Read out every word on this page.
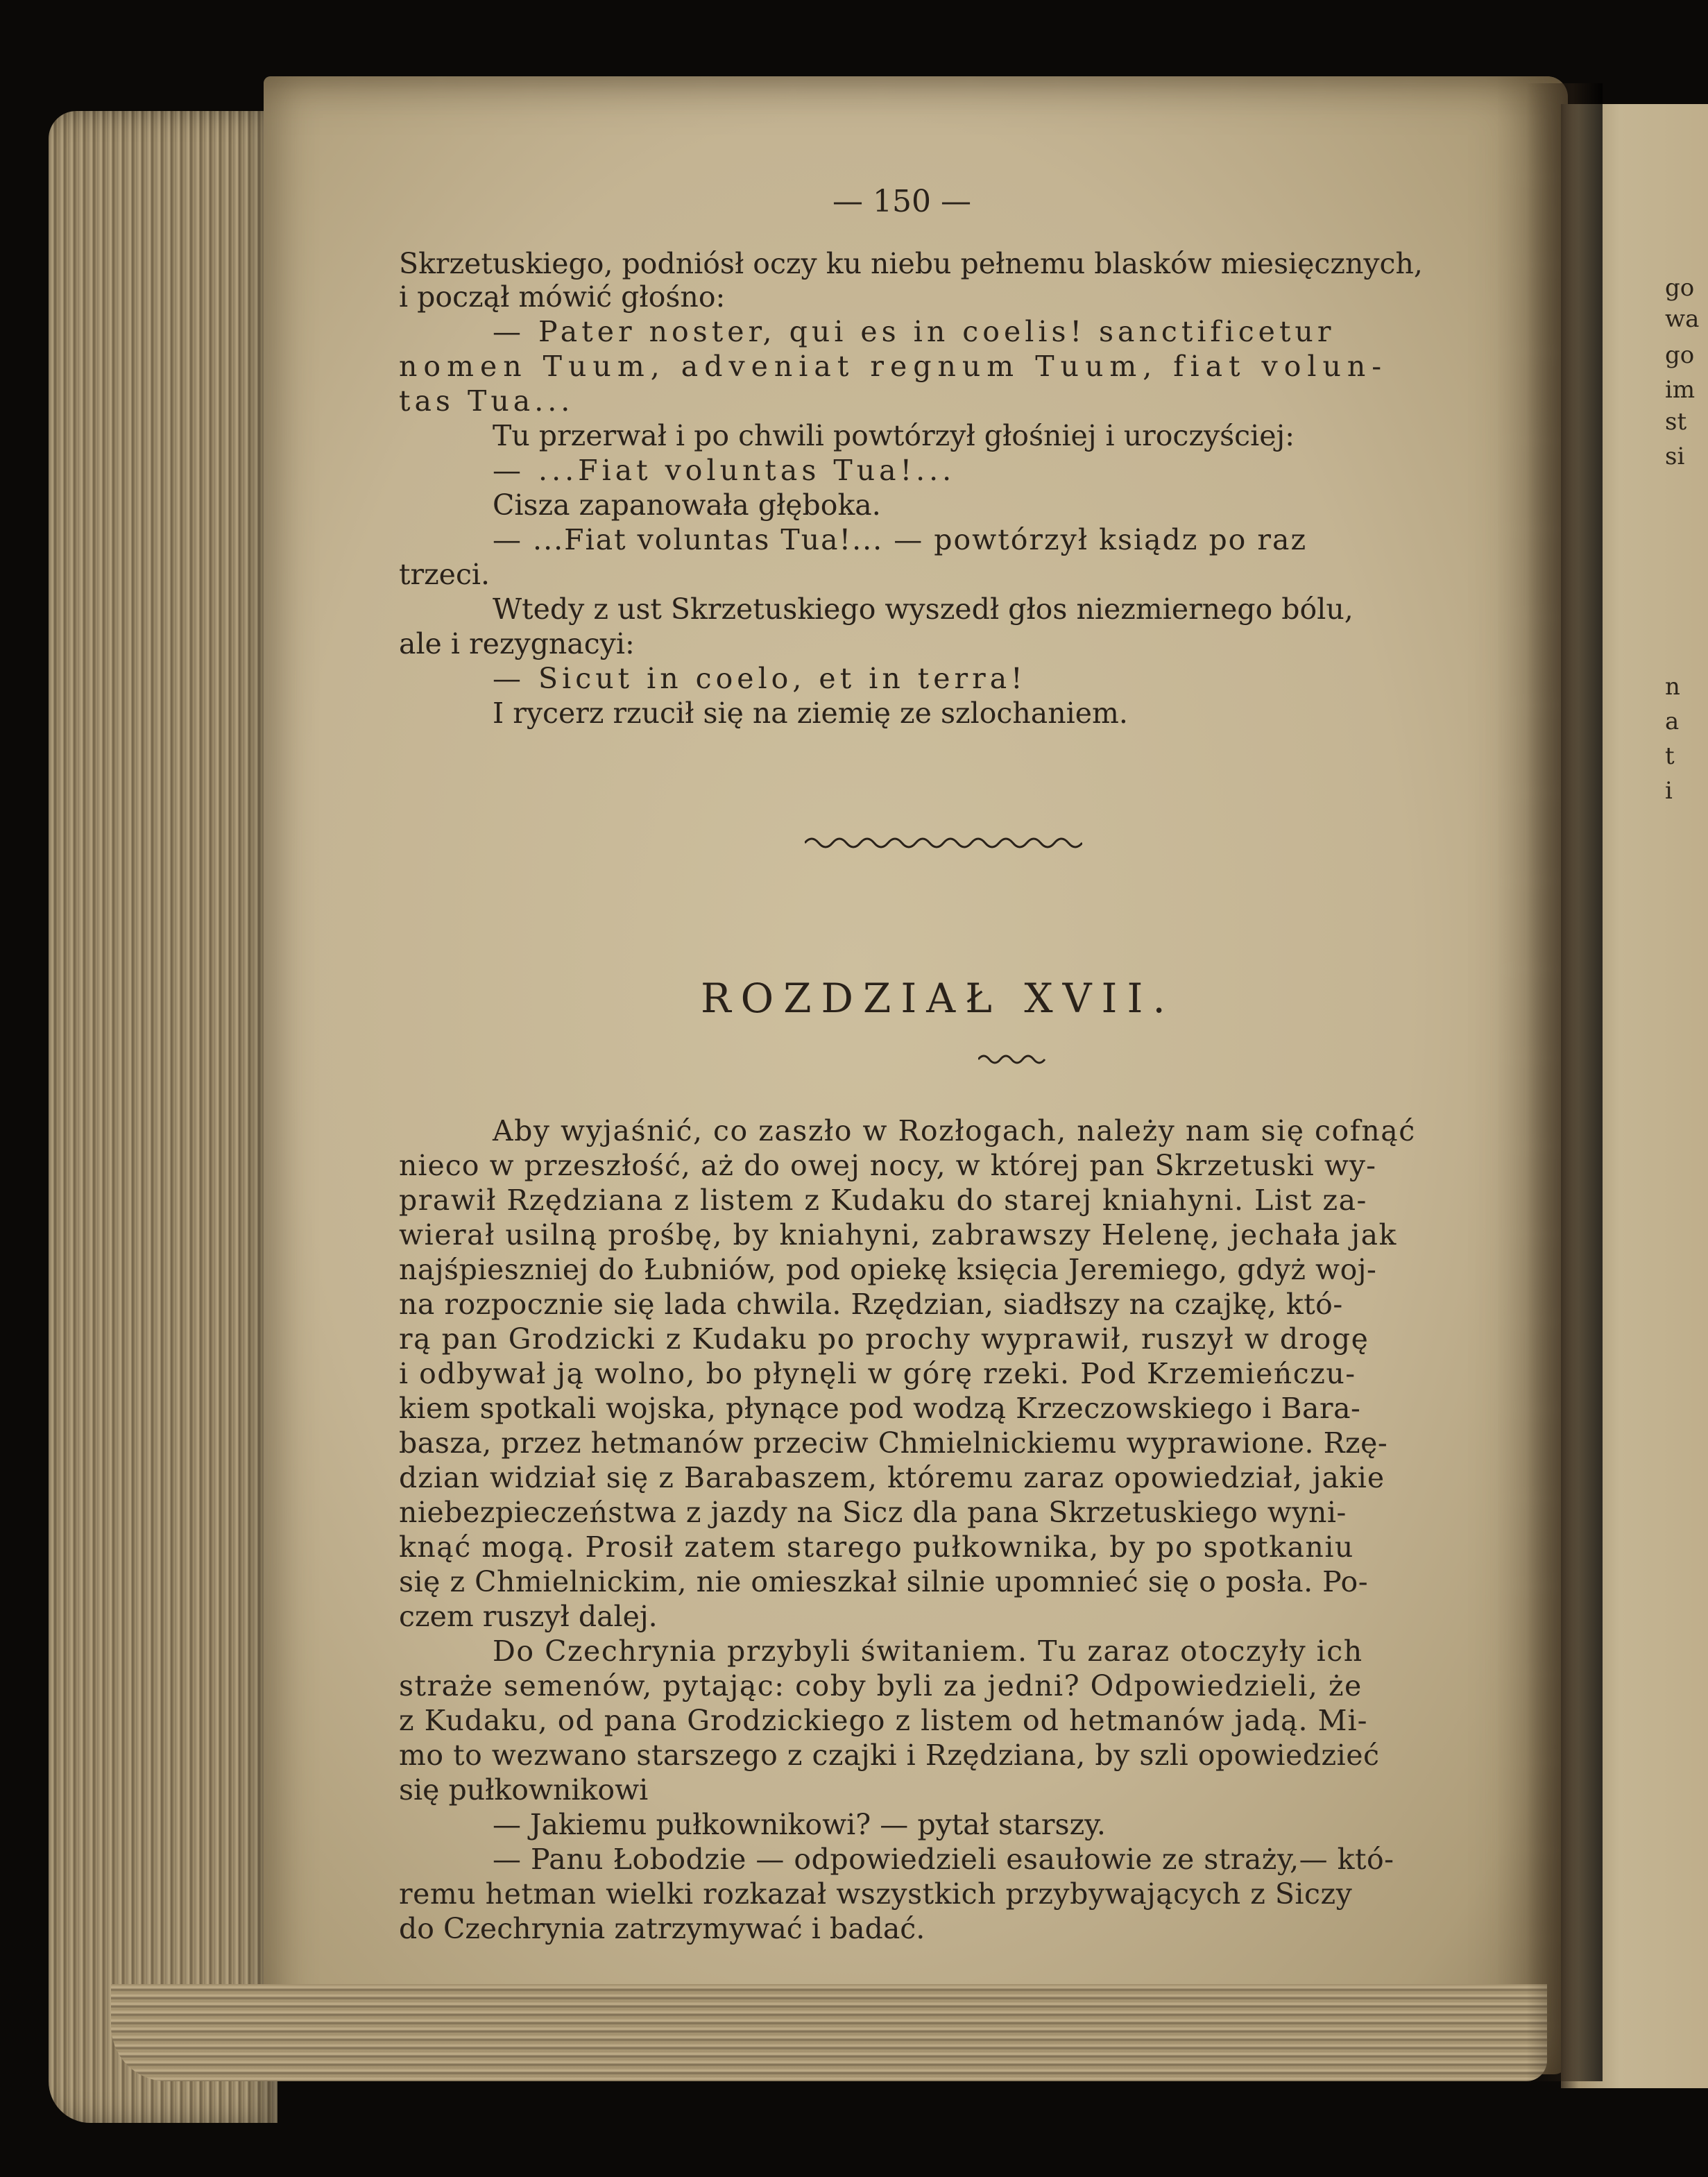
go
wa
go
im
st
si
n
a
t
i
— 150 —
Skrzetuskiego, podniósł oczy ku niebu pełnemu blasków miesięcznych,
i począł mówić głośno:
— Pater noster, qui es in coelis! sanctificetur
nomen Tuum, adveniat regnum Tuum, fiat volun-
tas Tua...
Tu przerwał i po chwili powtórzył głośniej i uroczyściej:
— ...Fiat voluntas Tua!...
Cisza zapanowała głęboka.
— ...Fiat voluntas Tua!... — powtórzył ksiądz po raz
trzeci.
Wtedy z ust Skrzetuskiego wyszedł głos niezmiernego bólu,
ale i rezygnacyi:
— Sicut in coelo, et in terra!
I rycerz rzucił się na ziemię ze szlochaniem.
ROZDZIAŁ XVII.
Aby wyjaśnić, co zaszło w Rozłogach, należy nam się cofnąć
nieco w przeszłość, aż do owej nocy, w której pan Skrzetuski wy-
prawił Rzędziana z listem z Kudaku do starej kniahyni. List za-
wierał usilną prośbę, by kniahyni, zabrawszy Helenę, jechała jak
najśpieszniej do Łubniów, pod opiekę księcia Jeremiego, gdyż woj-
na rozpocznie się lada chwila. Rzędzian, siadłszy na czajkę, któ-
rą pan Grodzicki z Kudaku po prochy wyprawił, ruszył w drogę
i odbywał ją wolno, bo płynęli w górę rzeki. Pod Krzemieńczu-
kiem spotkali wojska, płynące pod wodzą Krzeczowskiego i Bara-
basza, przez hetmanów przeciw Chmielnickiemu wyprawione. Rzę-
dzian widział się z Barabaszem, któremu zaraz opowiedział, jakie
niebezpieczeństwa z jazdy na Sicz dla pana Skrzetuskiego wyni-
knąć mogą. Prosił zatem starego pułkownika, by po spotkaniu
się z Chmielnickim, nie omieszkał silnie upomnieć się o posła. Po-
czem ruszył dalej.
Do Czechrynia przybyli świtaniem. Tu zaraz otoczyły ich
straże semenów, pytając: coby byli za jedni? Odpowiedzieli, że
z Kudaku, od pana Grodzickiego z listem od hetmanów jadą. Mi-
mo to wezwano starszego z czajki i Rzędziana, by szli opowiedzieć
się pułkownikowi
— Jakiemu pułkownikowi? — pytał starszy.
— Panu Łobodzie — odpowiedzieli esaułowie ze straży,— któ-
remu hetman wielki rozkazał wszystkich przybywających z Siczy
do Czechrynia zatrzymywać i badać.
